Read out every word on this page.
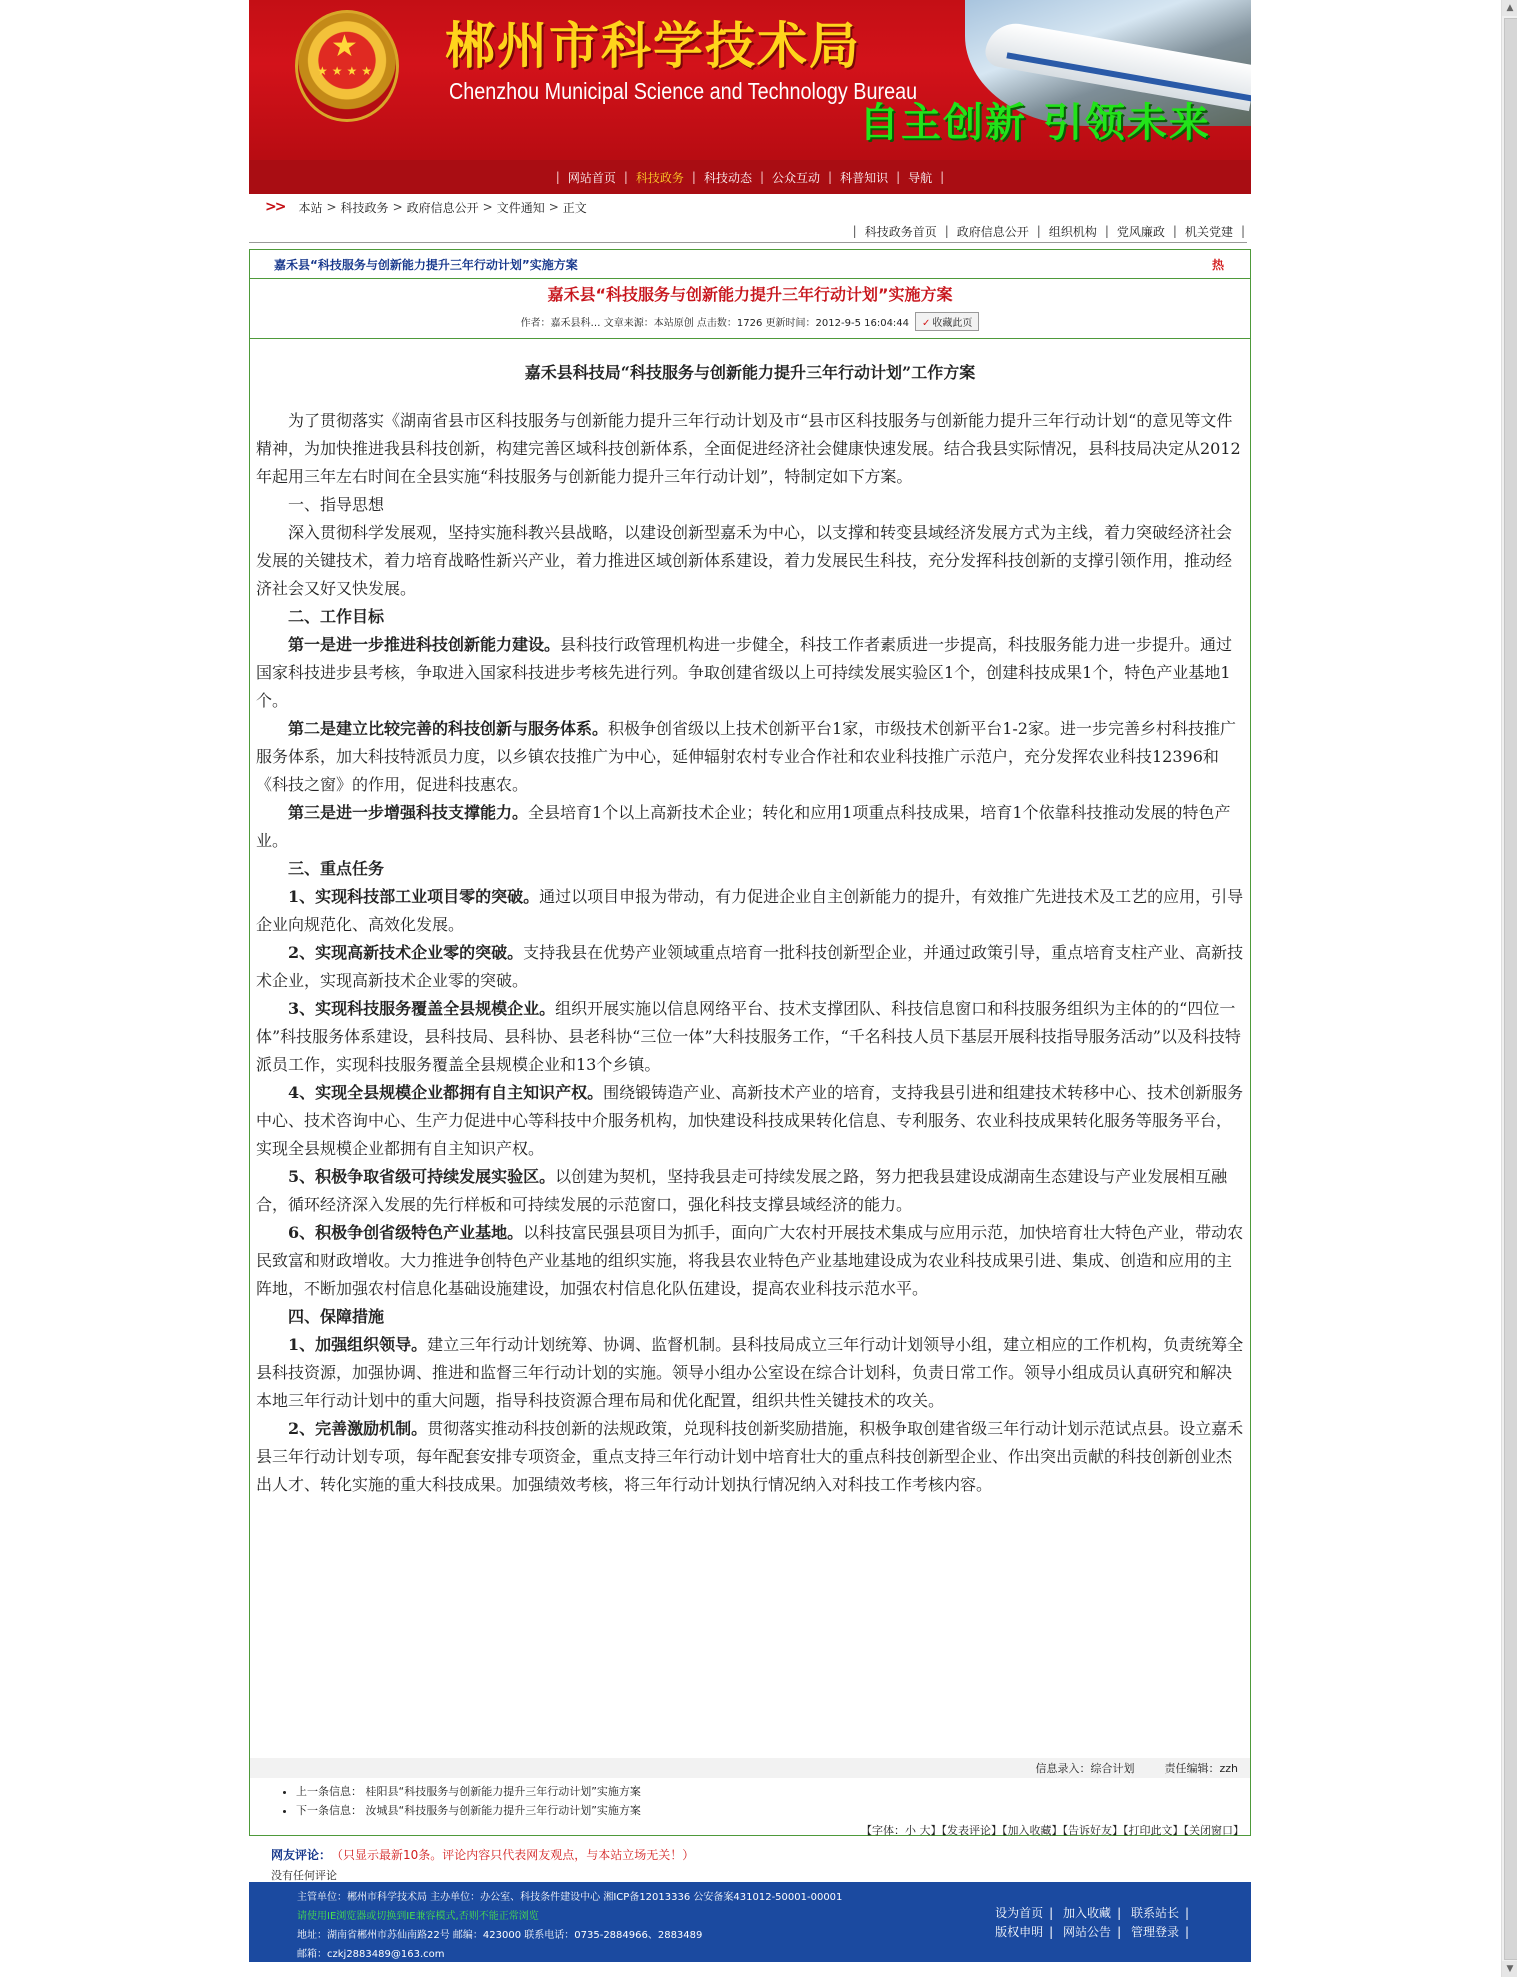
★
★★★★ 郴州市科学技术局
Chenzhou Municipal Science and Technology Bureau
自主创新 引领未来
| 网站首页 | 科技政务 | 科技动态 | 公众互动 | 科普知识 | 导航 |
>> 本站 > 科技政务 > 政府信息公开 > 文件通知 > 正文
| 科技政务首页 | 政府信息公开 | 组织机构 | 党风廉政 | 机关党建 |
嘉禾县“科技服务与创新能力提升三年行动计划”实施方案	热
嘉禾县“科技服务与创新能力提升三年行动计划”实施方案
作者：嘉禾县科… 文章来源：本站原创 点击数：1726 更新时间：2012-9-5 16:04:44	✓ 收藏此页
嘉禾县科技局“科技服务与创新能力提升三年行动计划”工作方案

为了贯彻落实《湖南省县市区科技服务与创新能力提升三年行动计划及市“县市区科技服务与创新能力提升三年行动计划“的意见等文件精神，为加快推进我县科技创新，构建完善区域科技创新体系，全面促进经济社会健康快速发展。结合我县实际情况，县科技局决定从2012年起用三年左右时间在全县实施“科技服务与创新能力提升三年行动计划”，特制定如下方案。

一、指导思想

深入贯彻科学发展观，坚持实施科教兴县战略，以建设创新型嘉禾为中心，以支撑和转变县域经济发展方式为主线，着力突破经济社会发展的关键技术，着力培育战略性新兴产业，着力推进区域创新体系建设，着力发展民生科技，充分发挥科技创新的支撑引领作用，推动经济社会又好又快发展。

二、工作目标

第一是进一步推进科技创新能力建设。县科技行政管理机构进一步健全，科技工作者素质进一步提高，科技服务能力进一步提升。通过国家科技进步县考核，争取进入国家科技进步考核先进行列。争取创建省级以上可持续发展实验区1个，创建科技成果1个，特色产业基地1个。

第二是建立比较完善的科技创新与服务体系。积极争创省级以上技术创新平台1家，市级技术创新平台1-2家。进一步完善乡村科技推广服务体系，加大科技特派员力度，以乡镇农技推广为中心，延伸辐射农村专业合作社和农业科技推广示范户，充分发挥农业科技12396和《科技之窗》的作用，促进科技惠农。

第三是进一步增强科技支撑能力。全县培育1个以上高新技术企业；转化和应用1项重点科技成果，培育1个依靠科技推动发展的特色产业。

三、重点任务

1、实现科技部工业项目零的突破。通过以项目申报为带动，有力促进企业自主创新能力的提升，有效推广先进技术及工艺的应用，引导企业向规范化、高效化发展。

2、实现高新技术企业零的突破。支持我县在优势产业领域重点培育一批科技创新型企业，并通过政策引导，重点培育支柱产业、高新技术企业，实现高新技术企业零的突破。

3、实现科技服务覆盖全县规模企业。组织开展实施以信息网络平台、技术支撑团队、科技信息窗口和科技服务组织为主体的的“四位一体”科技服务体系建设，县科技局、县科协、县老科协“三位一体”大科技服务工作，“千名科技人员下基层开展科技指导服务活动”以及科技特派员工作，实现科技服务覆盖全县规模企业和13个乡镇。

4、实现全县规模企业都拥有自主知识产权。围绕锻铸造产业、高新技术产业的培育，支持我县引进和组建技术转移中心、技术创新服务中心、技术咨询中心、生产力促进中心等科技中介服务机构，加快建设科技成果转化信息、专利服务、农业科技成果转化服务等服务平台，实现全县规模企业都拥有自主知识产权。

5、积极争取省级可持续发展实验区。以创建为契机，坚持我县走可持续发展之路，努力把我县建设成湖南生态建设与产业发展相互融合，循环经济深入发展的先行样板和可持续发展的示范窗口，强化科技支撑县域经济的能力。

6、积极争创省级特色产业基地。以科技富民强县项目为抓手，面向广大农村开展技术集成与应用示范，加快培育壮大特色产业，带动农民致富和财政增收。大力推进争创特色产业基地的组织实施，将我县农业特色产业基地建设成为农业科技成果引进、集成、创造和应用的主阵地，不断加强农村信息化基础设施建设，加强农村信息化队伍建设，提高农业科技示范水平。

四、保障措施

1、加强组织领导。建立三年行动计划统筹、协调、监督机制。县科技局成立三年行动计划领导小组，建立相应的工作机构，负责统筹全县科技资源，加强协调、推进和监督三年行动计划的实施。领导小组办公室设在综合计划科，负责日常工作。领导小组成员认真研究和解决本地三年行动计划中的重大问题，指导科技资源合理布局和优化配置，组织共性关键技术的攻关。

2、完善激励机制。贯彻落实推动科技创新的法规政策，兑现科技创新奖励措施，积极争取创建省级三年行动计划示范试点县。设立嘉禾县三年行动计划专项，每年配套安排专项资金，重点支持三年行动计划中培育壮大的重点科技创新型企业、作出突出贡献的科技创新创业杰出人才、转化实施的重大科技成果。加强绩效考核，将三年行动计划执行情况纳入对科技工作考核内容。

信息录入：综合计划	责任编辑：zzh
• 上一条信息： 桂阳县“科技服务与创新能力提升三年行动计划”实施方案
• 下一条信息： 汝城县“科技服务与创新能力提升三年行动计划”实施方案
【字体：小 大】【发表评论】【加入收藏】【告诉好友】【打印此文】【关闭窗口】
网友评论： （只显示最新10条。评论内容只代表网友观点，与本站立场无关！）
没有任何评论
主管单位：郴州市科学技术局 主办单位：办公室、科技条件建设中心 湘ICP备12013336 公安备案431012-50001-00001
请使用IE浏览器或切换到IE兼容模式,否则不能正常浏览
地址：湖南省郴州市苏仙南路22号 邮编：423000 联系电话：0735-2884966、2883489
邮箱：czkj2883489@163.com
设为首页 | 加入收藏 | 联系站长 |
版权申明 | 网站公告 | 管理登录 |
▲
▼
